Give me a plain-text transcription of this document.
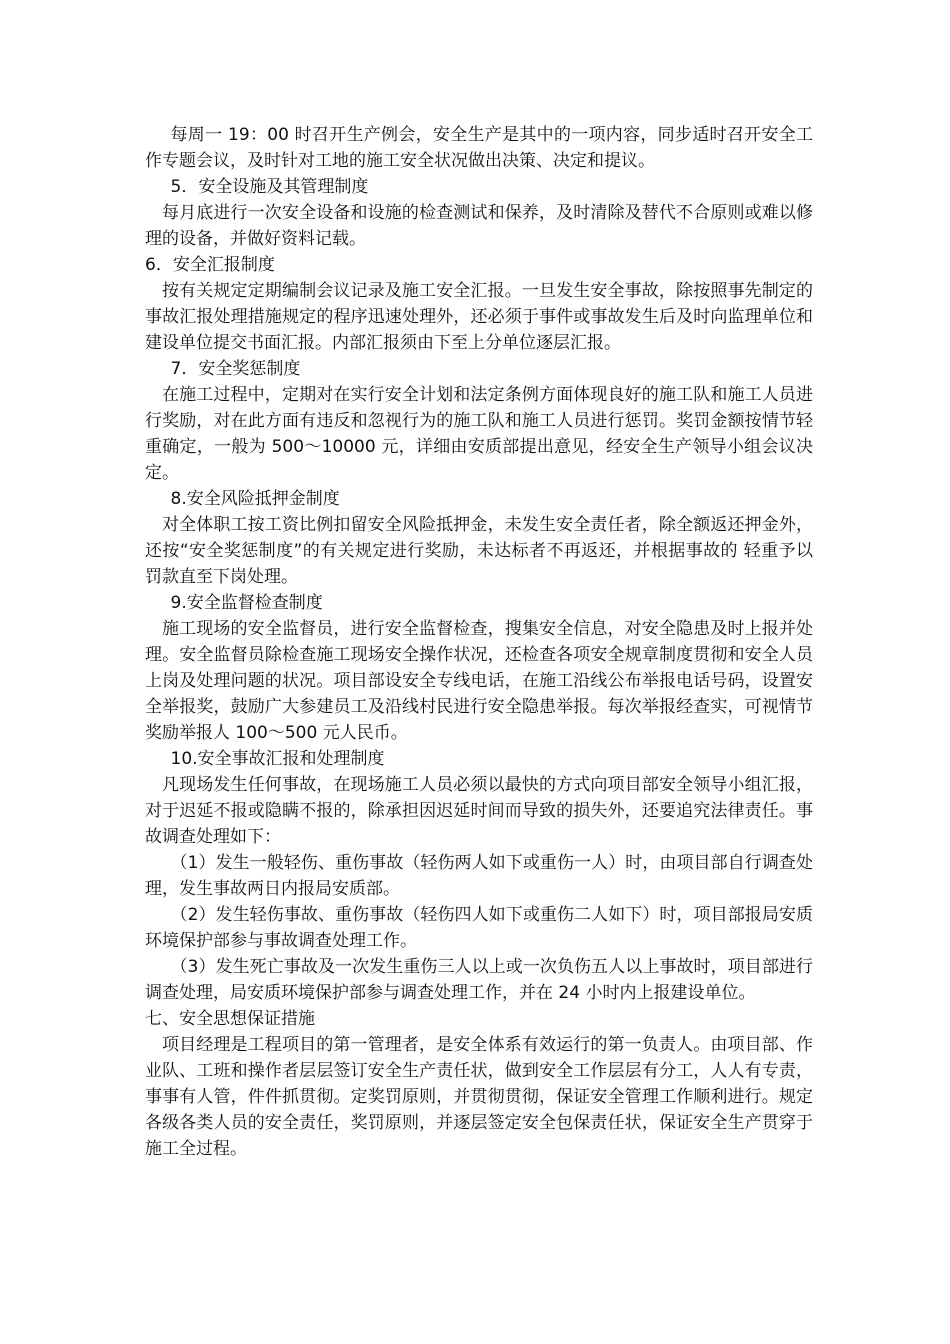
每周一 19：00 时召开生产例会，安全生产是其中的一项内容，同步适时召开安全工作专题会议，及时针对工地的施工安全状况做出决策、决定和提议。

5．安全设施及其管理制度

每月底进行一次安全设备和设施的检查测试和保养，及时清除及替代不合原则或难以修理的设备，并做好资料记载。

6．安全汇报制度

按有关规定定期编制会议记录及施工安全汇报。一旦发生安全事故，除按照事先制定的事故汇报处理措施规定的程序迅速处理外，还必须于事件或事故发生后及时向监理单位和建设单位提交书面汇报。内部汇报须由下至上分单位逐层汇报。

7．安全奖惩制度

在施工过程中，定期对在实行安全计划和法定条例方面体现良好的施工队和施工人员进行奖励，对在此方面有违反和忽视行为的施工队和施工人员进行惩罚。奖罚金额按情节轻重确定，一般为 500～10000 元，详细由安质部提出意见，经安全生产领导小组会议决定。

8.安全风险抵押金制度

对全体职工按工资比例扣留安全风险抵押金，未发生安全责任者，除全额返还押金外，还按“安全奖惩制度”的有关规定进行奖励，未达标者不再返还，并根据事故的 轻重予以罚款直至下岗处理。

9.安全监督检查制度

施工现场的安全监督员，进行安全监督检查，搜集安全信息，对安全隐患及时上报并处理。安全监督员除检查施工现场安全操作状况，还检查各项安全规章制度贯彻和安全人员上岗及处理问题的状况。项目部设安全专线电话，在施工沿线公布举报电话号码，设置安全举报奖，鼓励广大参建员工及沿线村民进行安全隐患举报。每次举报经查实，可视情节奖励举报人 100～500 元人民币。

10.安全事故汇报和处理制度

凡现场发生任何事故，在现场施工人员必须以最快的方式向项目部安全领导小组汇报，对于迟延不报或隐瞒不报的，除承担因迟延时间而导致的损失外，还要追究法律责任。事故调查处理如下：

（1）发生一般轻伤、重伤事故（轻伤两人如下或重伤一人）时，由项目部自行调查处理，发生事故两日内报局安质部。

（2）发生轻伤事故、重伤事故（轻伤四人如下或重伤二人如下）时，项目部报局安质环境保护部参与事故调查处理工作。

（3）发生死亡事故及一次发生重伤三人以上或一次负伤五人以上事故时，项目部进行调查处理，局安质环境保护部参与调查处理工作，并在 24 小时内上报建设单位。

七、安全思想保证措施

项目经理是工程项目的第一管理者，是安全体系有效运行的第一负责人。由项目部、作业队、工班和操作者层层签订安全生产责任状，做到安全工作层层有分工，人人有专责，事事有人管，件件抓贯彻。定奖罚原则，并贯彻贯彻，保证安全管理工作顺利进行。规定各级各类人员的安全责任，奖罚原则，并逐层签定安全包保责任状，保证安全生产贯穿于施工全过程。
